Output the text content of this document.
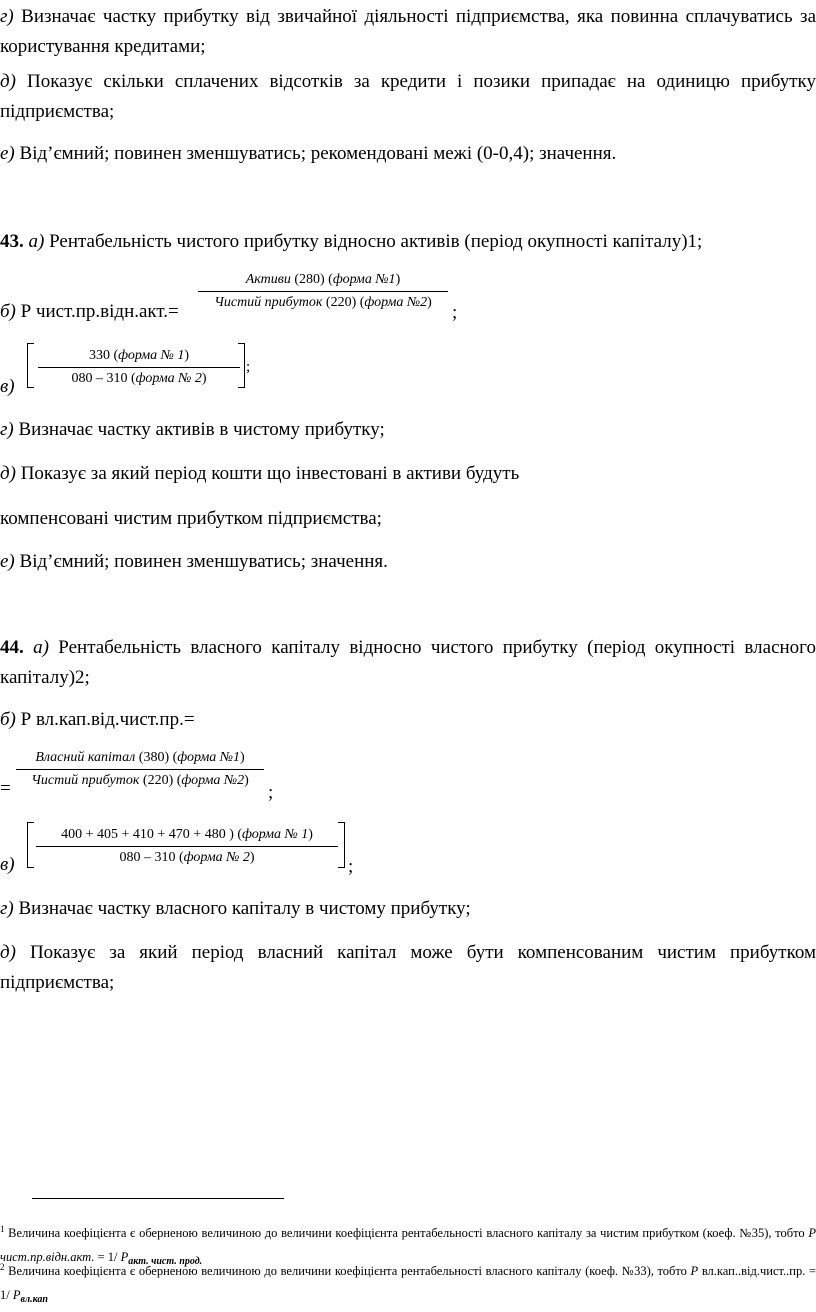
г) Визначає частку прибутку від звичайної діяльності підприємства, яка повинна сплачуватись за користування кредитами;

д) Показує скільки сплачених відсотків за кредити і позики припадає на одиницю прибутку підприємства;

е) Від’ємний; повинен зменшуватись; рекомендовані межі (0-0,4); значення.

43. а) Рентабельність чистого прибутку відносно активів (період окупності капіталу)1;

б) Р чист.пр.відн.акт.=

Активи (280) (форма №1)
Чистий прибуток (220) (форма №2)	;

в)

330 (форма № 1)
080 – 310 (форма № 2)
;

г) Визначає частку активів в чистому прибутку;

д) Показує за який період кошти що інвестовані в активи будуть

компенсовані чистим прибутком підприємства;

е) Від’ємний; повинен зменшуватись; значення.

44. а) Рентабельність власного капіталу відносно чистого прибутку (період окупності власного капіталу)2;

б) Р вл.кап.від.чист.пр.=

=
Власний капітал (380) (форма №1)
Чистий прибуток (220) (форма №2)
;

в)

400 + 405 + 410 + 470 + 480 ) (форма № 1)
080 – 310 (форма № 2)	;

г) Визначає частку власного капіталу в чистому прибутку;

д) Показує за який період власний капітал може бути компенсованим чистим прибутком підприємства;

$^1$ Величина коефіцієнта є оберненою величиною до величини коефіцієнта рентабельності власного капіталу за чистим прибутком (коеф. №35), тобто Р чист.пр.відн.акт. = 1/ $Р_{акт. чист. прод.}$

$^2$ Величина коефіцієнта є оберненою величиною до величини коефіцієнта рентабельності власного капіталу (коеф. №33), тобто Р вл.кап..від.чист..пр. = 1/ $Р_{вл.кап}$
